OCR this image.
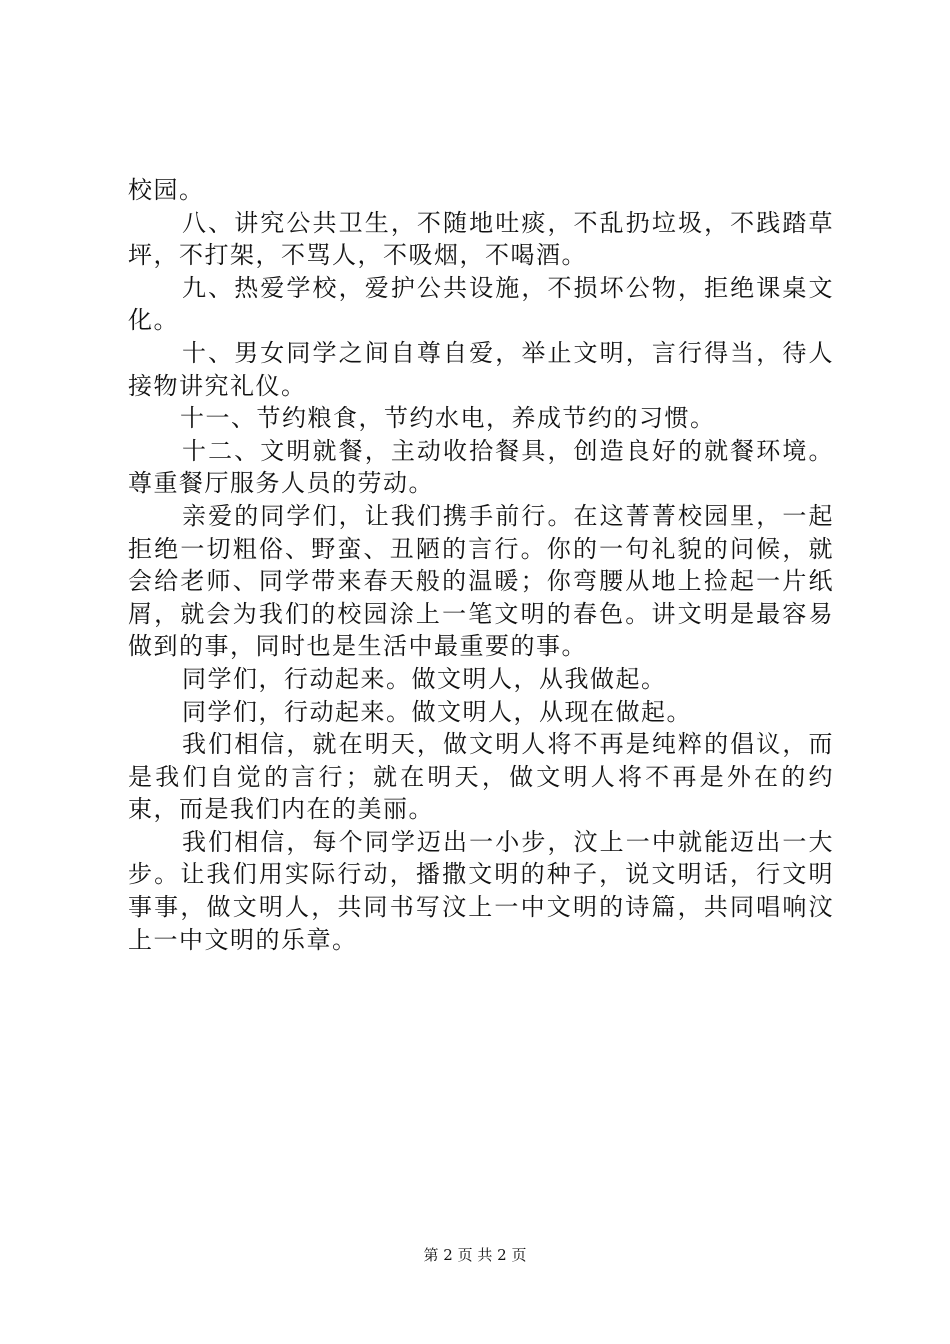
校园。

八、讲究公共卫生，不随地吐痰，不乱扔垃圾，不践踏草坪，不打架，不骂人，不吸烟，不喝酒。

九、热爱学校，爱护公共设施，不损坏公物，拒绝课桌文化。

十、男女同学之间自尊自爱，举止文明，言行得当，待人接物讲究礼仪。

十一、节约粮食，节约水电，养成节约的习惯。

十二、文明就餐，主动收拾餐具，创造良好的就餐环境。尊重餐厅服务人员的劳动。

亲爱的同学们，让我们携手前行。在这菁菁校园里，一起拒绝一切粗俗、野蛮、丑陋的言行。你的一句礼貌的问候，就会给老师、同学带来春天般的温暖；你弯腰从地上捡起一片纸屑，就会为我们的校园涂上一笔文明的春色。讲文明是最容易做到的事，同时也是生活中最重要的事。

同学们，行动起来。做文明人，从我做起。

同学们，行动起来。做文明人，从现在做起。

我们相信，就在明天，做文明人将不再是纯粹的倡议，而是我们自觉的言行；就在明天，做文明人将不再是外在的约束，而是我们内在的美丽。

我们相信，每个同学迈出一小步，汶上一中就能迈出一大步。让我们用实际行动，播撒文明的种子，说文明话，行文明事事，做文明人，共同书写汶上一中文明的诗篇，共同唱响汶上一中文明的乐章。

第 2 页 共 2 页
